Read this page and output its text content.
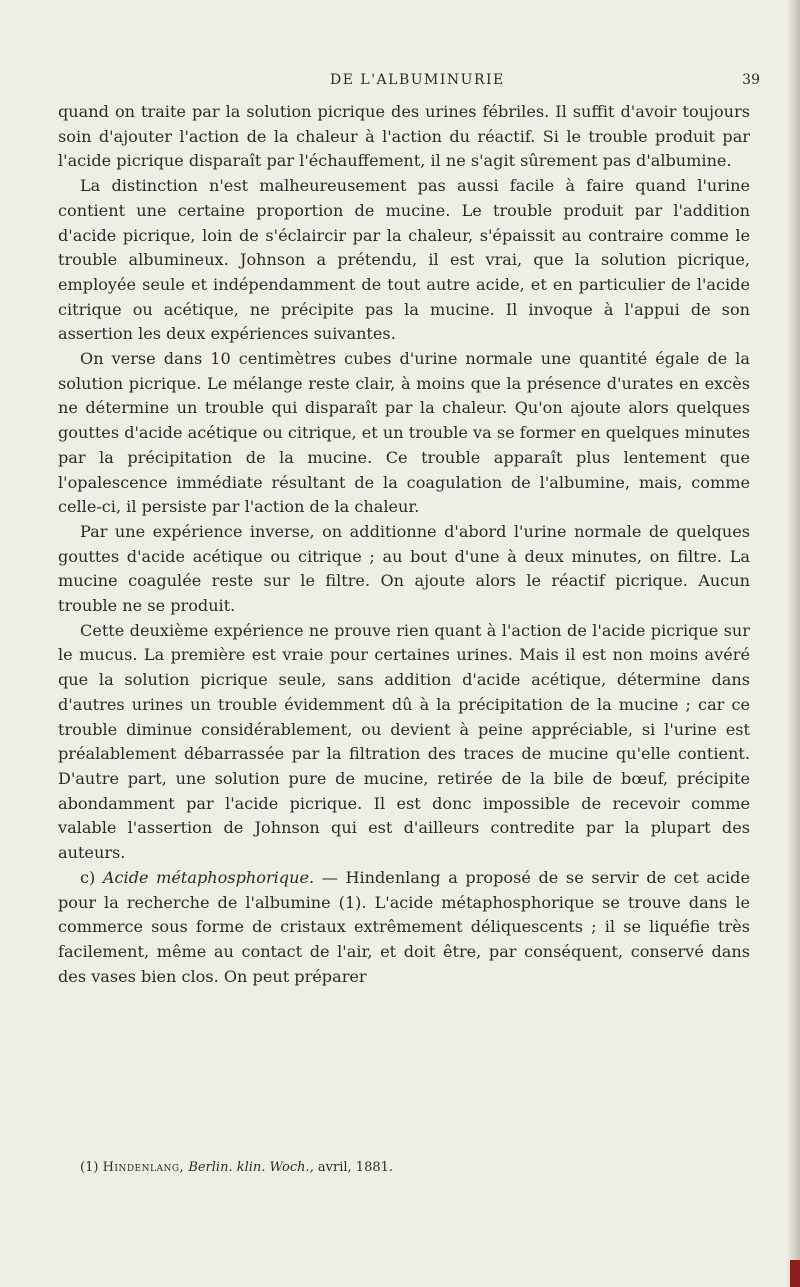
DE L'ALBUMINURIE	39

quand on traite par la solution picrique des urines fébriles. Il suffit d'avoir toujours soin d'ajouter l'action de la chaleur à l'action du réactif. Si le trouble produit par l'acide picrique disparaît par l'échauffement, il ne s'agit sûrement pas d'albumine.

La distinction n'est malheureusement pas aussi facile à faire quand l'urine contient une certaine proportion de mucine. Le trouble produit par l'addition d'acide picrique, loin de s'éclaircir par la chaleur, s'épaissit au contraire comme le trouble albumineux. Johnson a prétendu, il est vrai, que la solution picrique, employée seule et indépendamment de tout autre acide, et en particulier de l'acide citrique ou acétique, ne précipite pas la mucine. Il invoque à l'appui de son assertion les deux expériences suivantes.

On verse dans 10 centimètres cubes d'urine normale une quantité égale de la solution picrique. Le mélange reste clair, à moins que la présence d'urates en excès ne détermine un trouble qui disparaît par la chaleur. Qu'on ajoute alors quelques gouttes d'acide acétique ou citrique, et un trouble va se former en quelques minutes par la précipitation de la mucine. Ce trouble apparaît plus lentement que l'opalescence immédiate résultant de la coagulation de l'albumine, mais, comme celle-ci, il persiste par l'action de la chaleur.

Par une expérience inverse, on additionne d'abord l'urine normale de quelques gouttes d'acide acétique ou citrique ; au bout d'une à deux minutes, on filtre. La mucine coagulée reste sur le filtre. On ajoute alors le réactif picrique. Aucun trouble ne se produit.

Cette deuxième expérience ne prouve rien quant à l'action de l'acide picrique sur le mucus. La première est vraie pour certaines urines. Mais il est non moins avéré que la solution picrique seule, sans addition d'acide acétique, détermine dans d'autres urines un trouble évidemment dû à la précipitation de la mucine ; car ce trouble diminue considérablement, ou devient à peine appréciable, si l'urine est préalablement débarrassée par la filtration des traces de mucine qu'elle contient. D'autre part, une solution pure de mucine, retirée de la bile de bœuf, précipite abondamment par l'acide picrique. Il est donc impossible de recevoir comme valable l'assertion de Johnson qui est d'ailleurs contredite par la plupart des auteurs.

c) Acide métaphosphorique. — Hindenlang a proposé de se servir de cet acide pour la recherche de l'albumine (1). L'acide métaphosphorique se trouve dans le commerce sous forme de cristaux extrêmement déliquescents ; il se liquéfie très facilement, même au contact de l'air, et doit être, par conséquent, conservé dans des vases bien clos. On peut préparer

(1) Hindenlang, Berlin. klin. Woch., avril, 1881.
